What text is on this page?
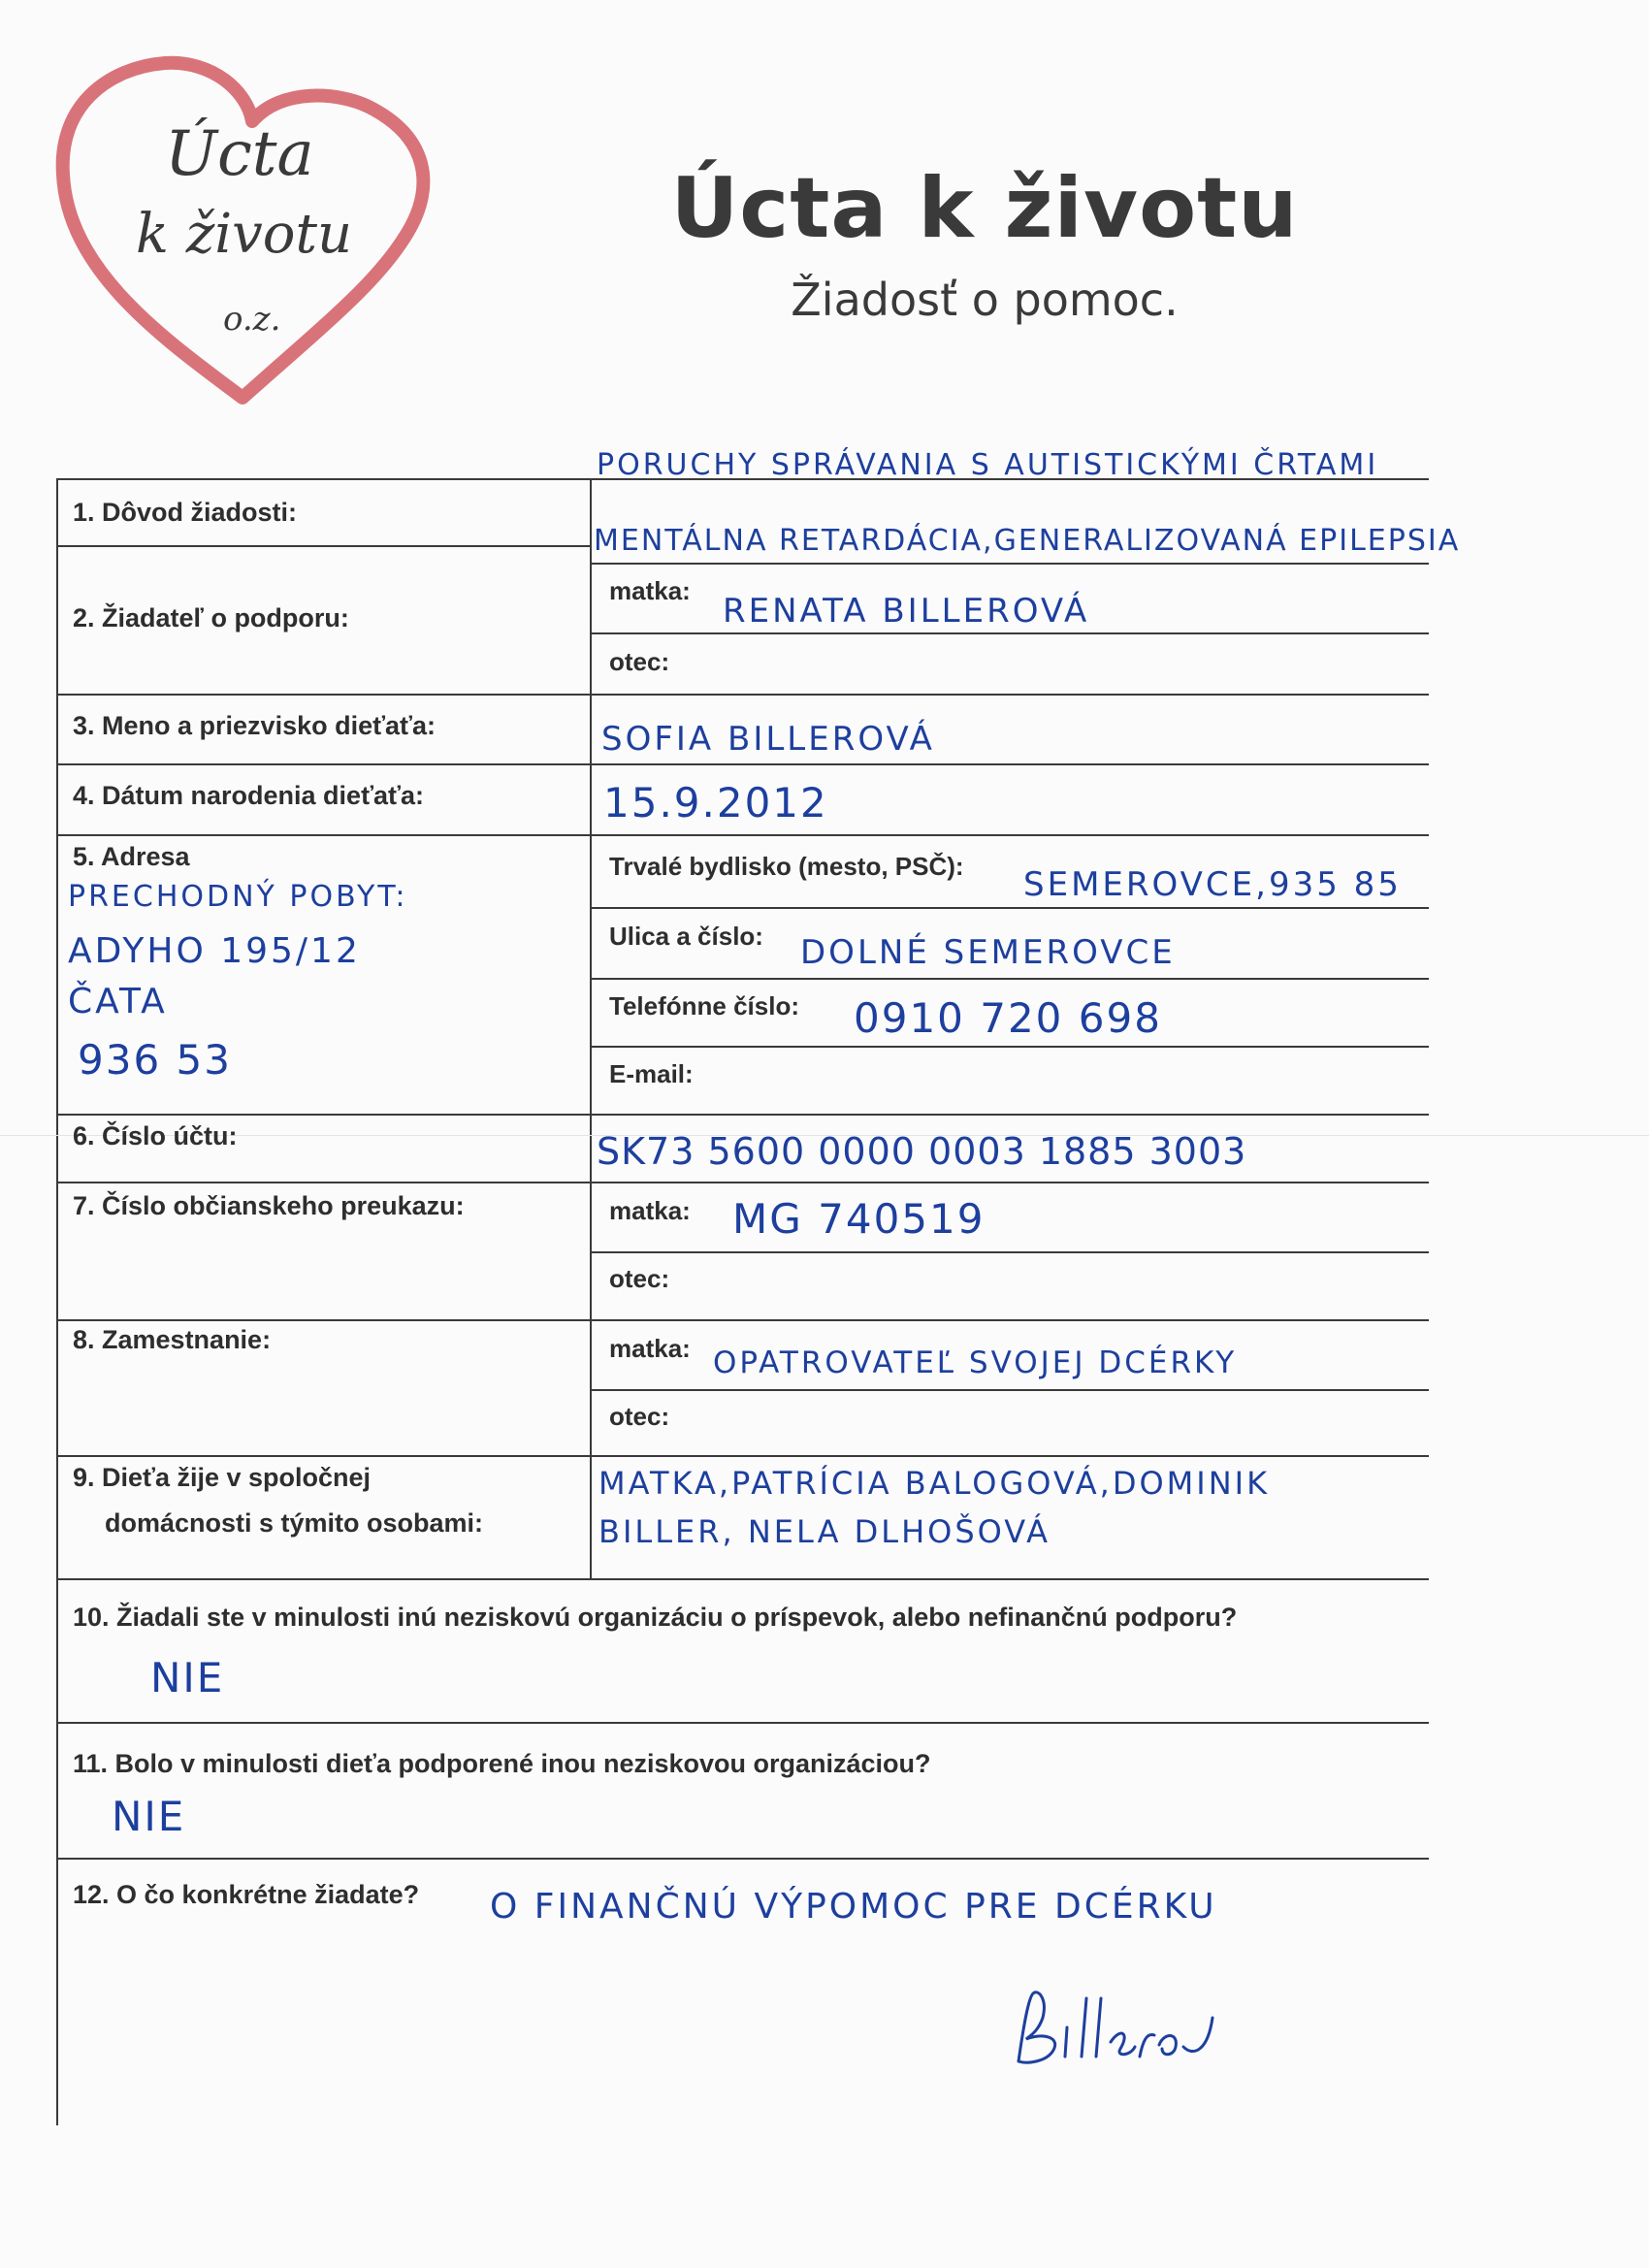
Úcta
k životu
o.z.
Úcta k životu
Žiadosť o pomoc.
1. Dôvod žiadosti:
PORUCHY SPRÁVANIA S AUTISTICKÝMI ČRTAMI
MENTÁLNA RETARDÁCIA,GENERALIZOVANÁ EPILEPSIA
2. Žiadateľ o podporu:
matka:
RENATA BILLEROVÁ
otec:
3. Meno a priezvisko dieťaťa:	SOFIA BILLEROVÁ
4. Dátum narodenia dieťaťa:	15.9.2012
5. Adresa
PRECHODNÝ POBYT:
ADYHO 195/12
ČATA
936 53
Trvalé bydlisko (mesto, PSČ): SEMEROVCE,935 85
Ulica a číslo: DOLNÉ SEMEROVCE
Telefónne číslo: 0910 720 698
E-mail:
6. Číslo účtu:	SK73 5600 0000 0003 1885 3003
7. Číslo občianskeho preukazu:	matka: MG 740519
otec:
8. Zamestnanie:	matka: OPATROVATEĽ SVOJEJ DCÉRKY
otec:
9. Dieťa žije v spoločnej
domácnosti s týmito osobami:
MATKA,PATRÍCIA BALOGOVÁ,DOMINIK
BILLER, NELA DLHOŠOVÁ
10. Žiadali ste v minulosti inú neziskovú organizáciu o príspevok, alebo nefinančnú podporu?
NIE
11. Bolo v minulosti dieťa podporené inou neziskovou organizáciou?
NIE
12. O čo konkrétne žiadate? O FINANČNÚ VÝPOMOC PRE DCÉRKU
